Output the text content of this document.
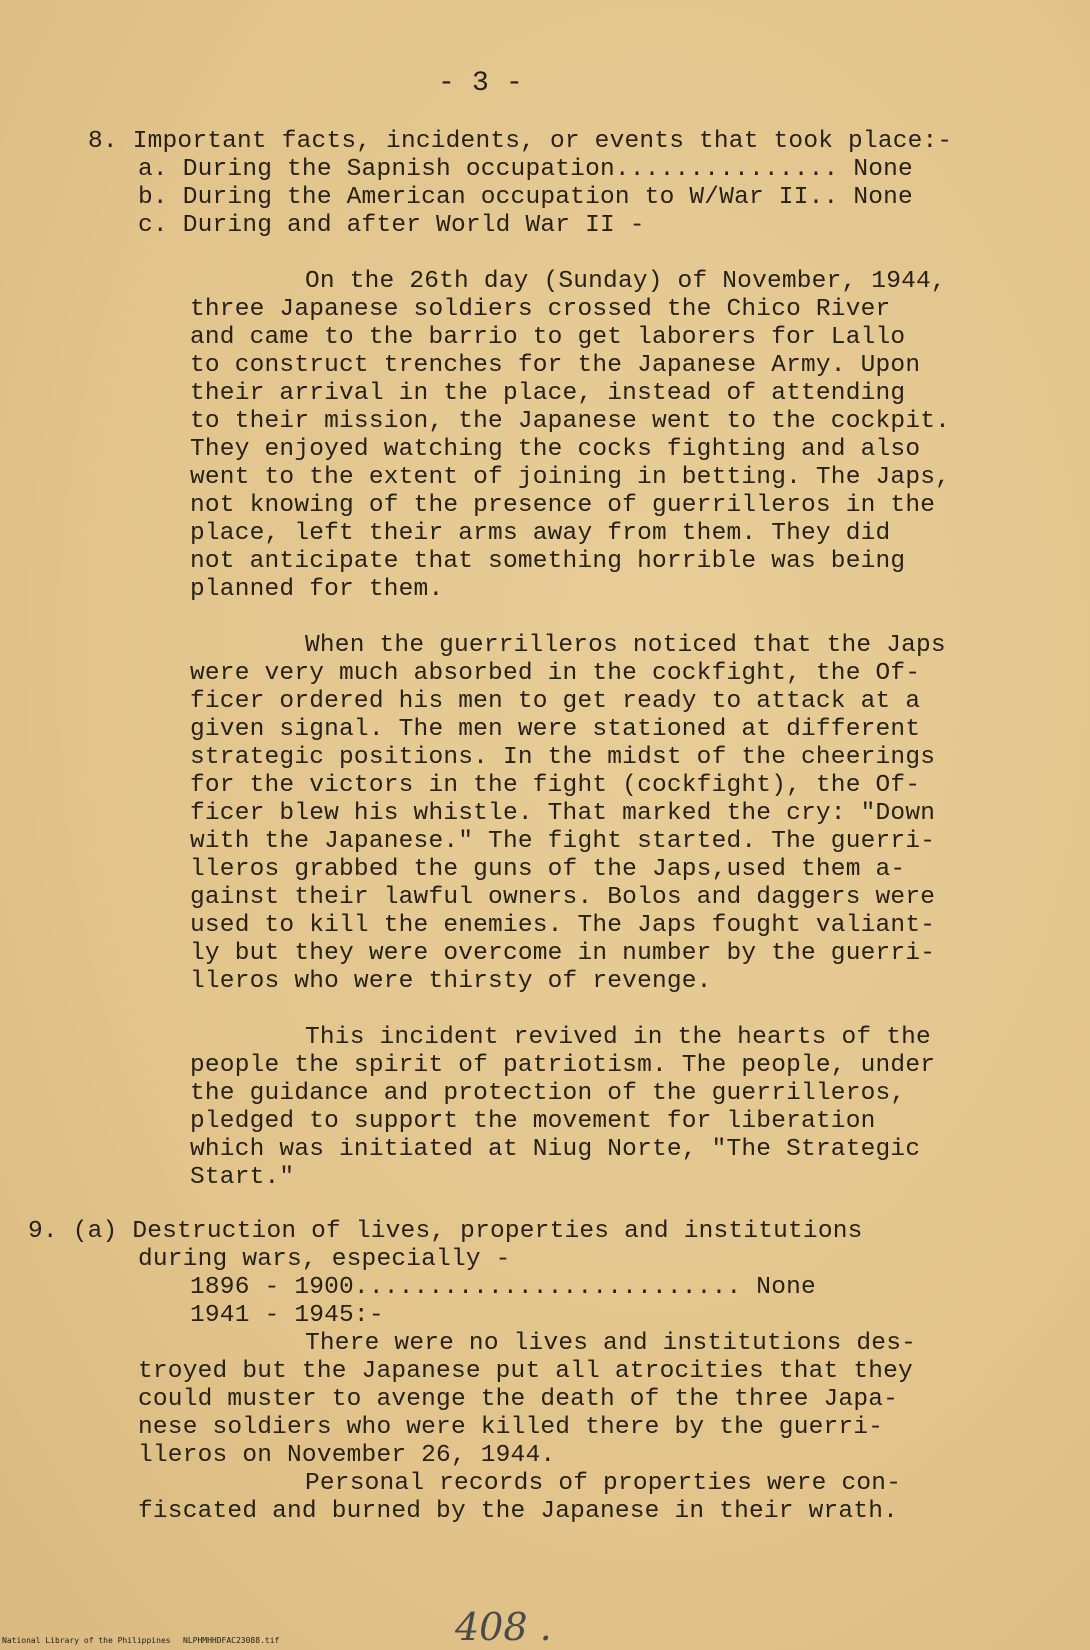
- 3 -
8. Important facts, incidents, or events that took place:-
a. During the Sapnish occupation............... None
b. During the American occupation to W/War II.. None
c. During and after World War II -
On the 26th day (Sunday) of November, 1944,
three Japanese soldiers crossed the Chico River
and came to the barrio to get laborers for Lallo
to construct trenches for the Japanese Army. Upon
their arrival in the place, instead of attending
to their mission, the Japanese went to the cockpit.
They enjoyed watching the cocks fighting and also
went to the extent of joining in betting. The Japs,
not knowing of the presence of guerrilleros in the
place, left their arms away from them. They did
not anticipate that something horrible was being
planned for them.
When the guerrilleros noticed that the Japs
were very much absorbed in the cockfight, the Of-
ficer ordered his men to get ready to attack at a
given signal. The men were stationed at different
strategic positions. In the midst of the cheerings
for the victors in the fight (cockfight), the Of-
ficer blew his whistle. That marked the cry: "Down
with the Japanese." The fight started. The guerri-
lleros grabbed the guns of the Japs,used them a-
gainst their lawful owners. Bolos and daggers were
used to kill the enemies. The Japs fought valiant-
ly but they were overcome in number by the guerri-
lleros who were thirsty of revenge.
This incident revived in the hearts of the
people the spirit of patriotism. The people, under
the guidance and protection of the guerrilleros,
pledged to support the movement for liberation
which was initiated at Niug Norte, "The Strategic
Start."
9. (a) Destruction of lives, properties and institutions
during wars, especially -
1896 - 1900.......................... None
1941 - 1945:-
There were no lives and institutions des-
troyed but the Japanese put all atrocities that they
could muster to avenge the death of the three Japa-
nese soldiers who were killed there by the guerri-
lleros on November 26, 1944.
Personal records of properties were con-
fiscated and burned by the Japanese in their wrath.
408 .
National Library of the Philippines NLPHMHHDFAC23088.tif
